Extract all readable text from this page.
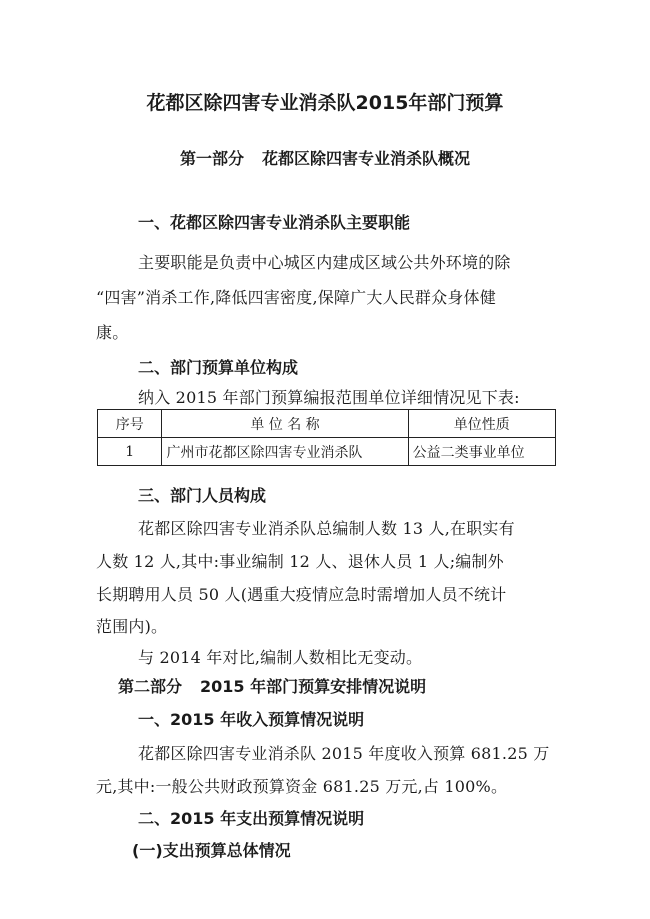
花都区除四害专业消杀队2015年部门预算
第一部分 花都区除四害专业消杀队概况
一、花都区除四害专业消杀队主要职能
主要职能是负责中心城区内建成区域公共外环境的除
“四害”消杀工作,降低四害密度,保障广大人民群众身体健
康。
二、部门预算单位构成
纳入 2015 年部门预算编报范围单位详细情况见下表:
序号	单 位 名 称	单位性质
1	广州市花都区除四害专业消杀队	公益二类事业单位
三、部门人员构成
花都区除四害专业消杀队总编制人数 13 人,在职实有
人数 12 人,其中:事业编制 12 人、退休人员 1 人;编制外
长期聘用人员 50 人(遇重大疫情应急时需增加人员不统计
范围内)。
与 2014 年对比,编制人数相比无变动。
第二部分 2015 年部门预算安排情况说明
一、2015 年收入预算情况说明
花都区除四害专业消杀队 2015 年度收入预算 681.25 万
元,其中:一般公共财政预算资金 681.25 万元,占 100%。
二、2015 年支出预算情况说明
(一)支出预算总体情况
